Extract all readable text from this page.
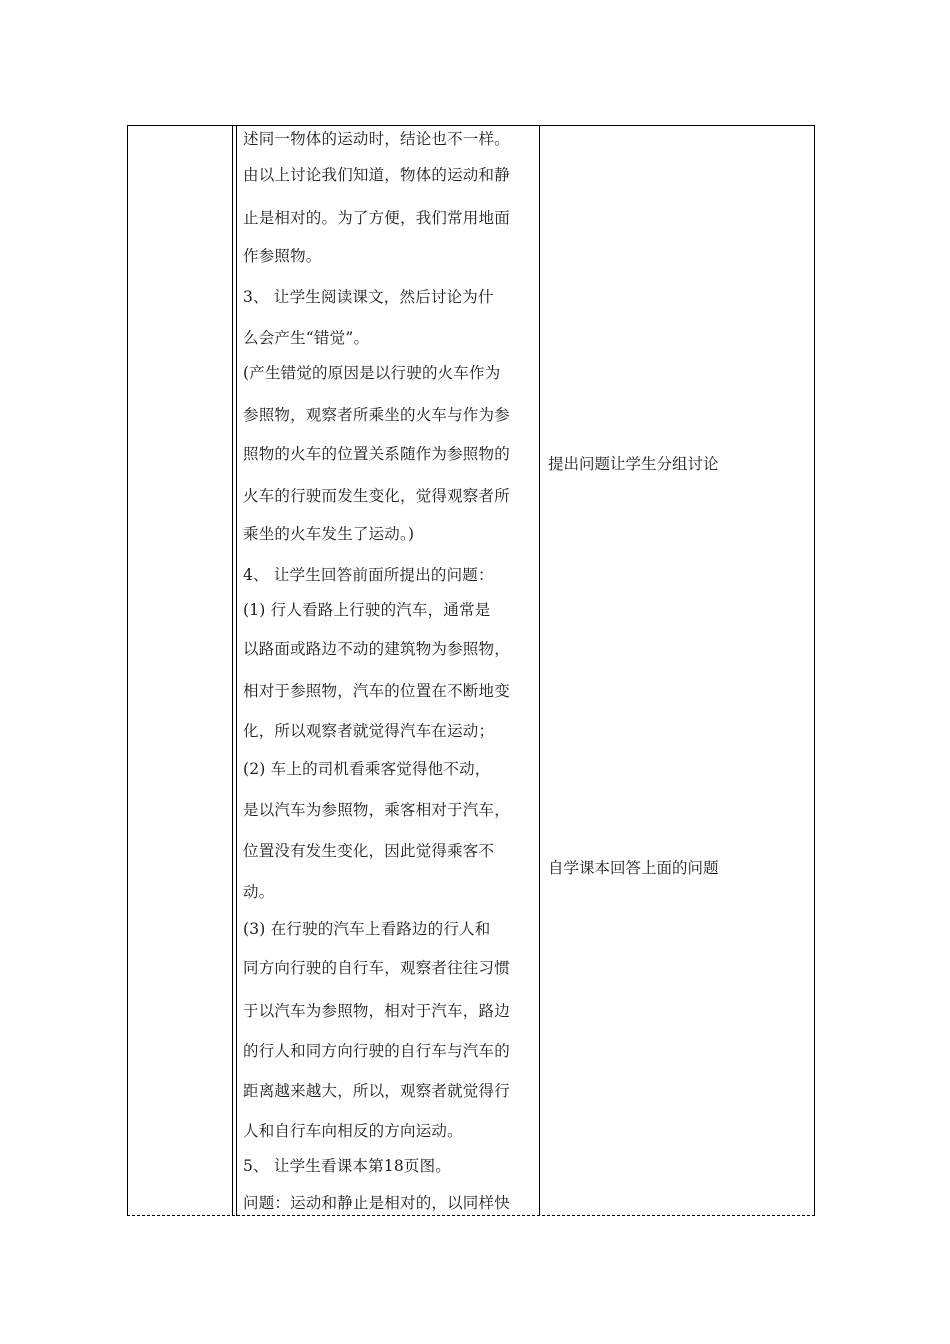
述同一物体的运动时，结论也不一样。
由以上讨论我们知道，物体的运动和静
止是相对的。为了方便，我们常用地面
作参照物。
3、 让学生阅读课文，然后讨论为什
么会产生“错觉”。
(产生错觉的原因是以行驶的火车作为
参照物，观察者所乘坐的火车与作为参
照物的火车的位置关系随作为参照物的
火车的行驶而发生变化，觉得观察者所
乘坐的火车发生了运动。)
4、 让学生回答前面所提出的问题：
(1) 行人看路上行驶的汽车，通常是
以路面或路边不动的建筑物为参照物，
相对于参照物，汽车的位置在不断地变
化，所以观察者就觉得汽车在运动；
(2) 车上的司机看乘客觉得他不动，
是以汽车为参照物，乘客相对于汽车，
位置没有发生变化，因此觉得乘客不
动。
(3) 在行驶的汽车上看路边的行人和
同方向行驶的自行车，观察者往往习惯
于以汽车为参照物，相对于汽车，路边
的行人和同方向行驶的自行车与汽车的
距离越来越大，所以，观察者就觉得行
人和自行车向相反的方向运动。
5、 让学生看课本第18页图。
问题：运动和静止是相对的，以同样快
提出问题让学生分组讨论
自学课本回答上面的问题
